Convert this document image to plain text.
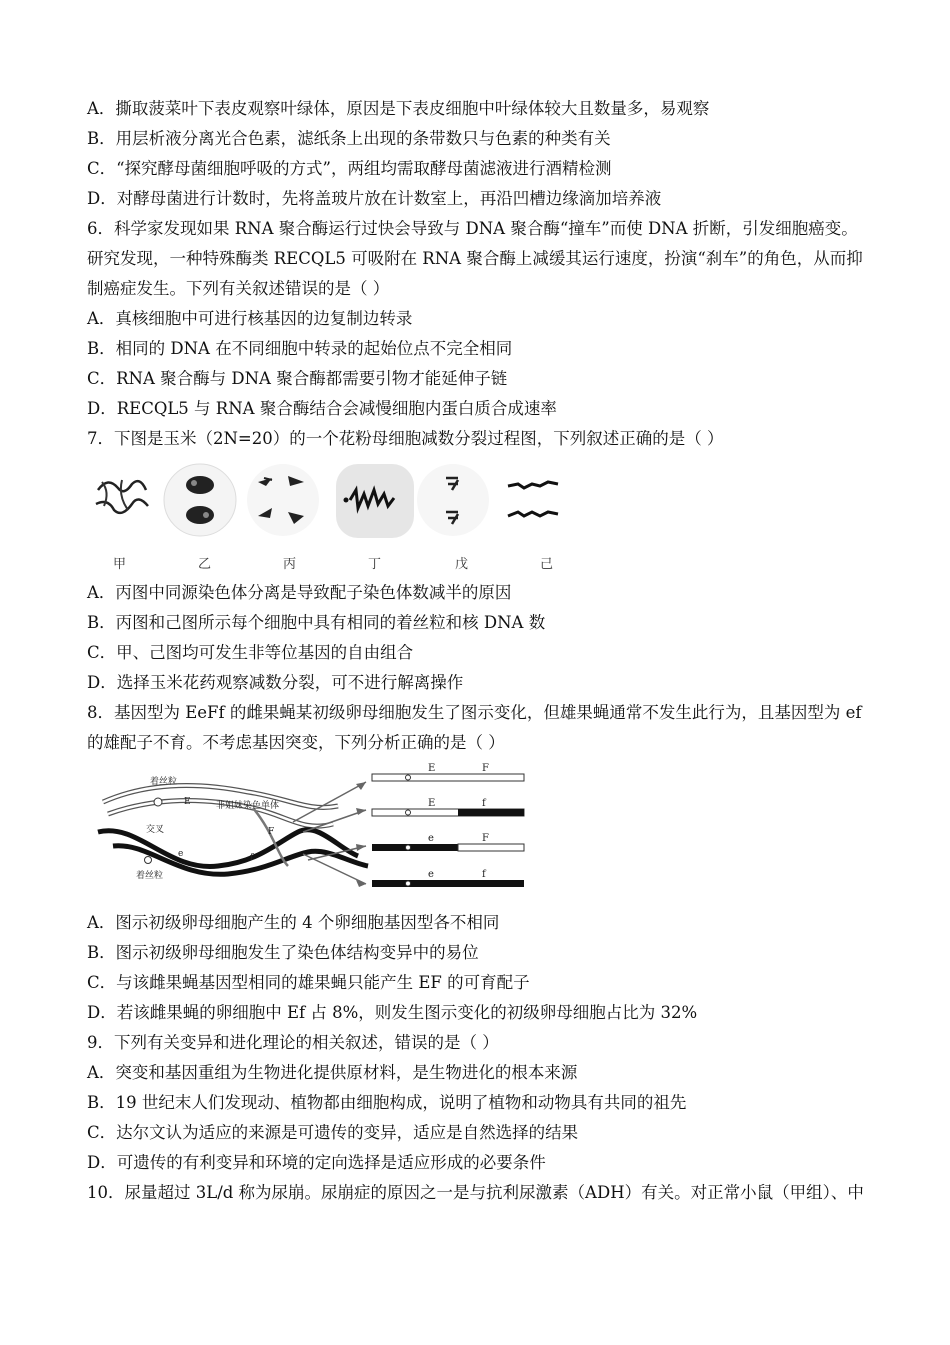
A．撕取菠菜叶下表皮观察叶绿体，原因是下表皮细胞中叶绿体较大且数量多，易观察
B．用层析液分离光合色素，滤纸条上出现的条带数只与色素的种类有关
C．“探究酵母菌细胞呼吸的方式”，两组均需取酵母菌滤液进行酒精检测
D．对酵母菌进行计数时，先将盖玻片放在计数室上，再沿凹槽边缘滴加培养液
6．科学家发现如果 RNA 聚合酶运行过快会导致与 DNA 聚合酶“撞车”而使 DNA 折断，引发细胞癌变。
研究发现，一种特殊酶类 RECQL5 可吸附在 RNA 聚合酶上减缓其运行速度，扮演“刹车”的角色，从而抑
制癌症发生。下列有关叙述错误的是（ ）
A．真核细胞中可进行核基因的边复制边转录
B．相同的 DNA 在不同细胞中转录的起始位点不完全相同
C．RNA 聚合酶与 DNA 聚合酶都需要引物才能延伸子链
D．RECQL5 与 RNA 聚合酶结合会减慢细胞内蛋白质合成速率
7．下图是玉米（2N=20）的一个花粉母细胞减数分裂过程图，下列叙述正确的是（ ）
甲	乙	丙	丁	戊	己
A．丙图中同源染色体分离是导致配子染色体数减半的原因
B．丙图和己图所示每个细胞中具有相同的着丝粒和核 DNA 数
C．甲、己图均可发生非等位基因的自由组合
D．选择玉米花药观察减数分裂，可不进行解离操作
8．基因型为 EeFf 的雌果蝇某初级卵母细胞发生了图示变化，但雄果蝇通常不发生此行为，且基因型为 ef
的雄配子不育。不考虑基因突变，下列分析正确的是（ ）
着丝粒
E	非姐妹染色单体
F
交叉
f
e
着丝粒
E	F
E	f
e	F
e	f
A．图示初级卵母细胞产生的 4 个卵细胞基因型各不相同
B．图示初级卵母细胞发生了染色体结构变异中的易位
C．与该雌果蝇基因型相同的雄果蝇只能产生 EF 的可育配子
D．若该雌果蝇的卵细胞中 Ef 占 8%，则发生图示变化的初级卵母细胞占比为 32%
9．下列有关变异和进化理论的相关叙述，错误的是（ ）
A．突变和基因重组为生物进化提供原材料，是生物进化的根本来源
B．19 世纪末人们发现动、植物都由细胞构成，说明了植物和动物具有共同的祖先
C．达尔文认为适应的来源是可遗传的变异，适应是自然选择的结果
D．可遗传的有利变异和环境的定向选择是适应形成的必要条件
10．尿量超过 3L/d 称为尿崩。尿崩症的原因之一是与抗利尿激素（ADH）有关。对正常小鼠（甲组）、中
